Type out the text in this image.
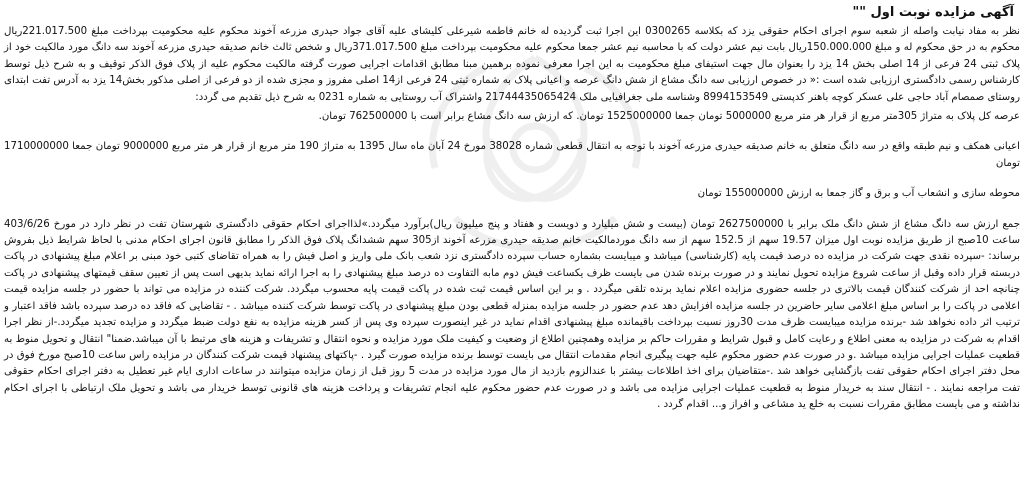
آگهی مزایده نوبت اول ""

نظر به مفاد نیابت واصله از شعبه سوم اجرای احکام حقوقی یزد که بکلاسه 0300265 این اجرا ثبت گردیده له خانم فاطمه شیرعلی کلیشای علیه آقای جواد حیدری مزرعه آخوند محکوم علیه محکومیت بپرداخت مبلغ 221.017.500ریال محکوم به در حق محکوم له و مبلغ 150.000.000ریال بابت نیم عشر دولت که با محاسبه نیم عشر جمعا محکوم علیه محکومیت بپرداخت مبلغ 371.017.500ریال و شخص ثالث خانم صدیقه حیدری مزرعه آخوند سه دانگ مورد مالکیت خود از پلاک ثبتی 24 فرعی از 14 اصلی بخش 14 یزد را بعنوان مال جهت استیفای مبلغ محکومیت به این اجرا معرفی نموده برهمین مبنا مطابق اقدامات اجرایی صورت گرفته مالکیت محکوم علیه از پلاک فوق الذکر توقیف و به شرح ذیل توسط کارشناس رسمی دادگستری ارزیابی شده است :« در خصوص ارزیابی سه دانگ مشاع از شش دانگ عرصه و اعیانی پلاک به شماره ثبتی 24 فرعی از14 اصلی مفروز و مجزی شده از دو فرعی از اصلی مذکور بخش14 یزد به آدرس تفت ابتدای روستای صمصام آباد حاجی علی عسکر کوچه باهنر کدپستی 8994153549 وشناسه ملی جغرافیایی ملک 21744435065424 واشتراک آب روستایی به شماره 0231 به شرح ذیل تقدیم می گردد:

عرصه کل پلاک به متراژ 305متر مربع از قرار هر متر مربع 5000000 تومان جمعا 1525000000 تومان. که ارزش سه دانگ مشاع برابر است با 762500000 تومان.

اعیانی همکف و نیم طبقه واقع در سه دانگ متعلق به خانم صدیقه حیدری مزرعه آخوند با توجه به انتقال قطعی شماره 38028 مورخ 24 آبان ماه سال 1395 به متراژ 190 متر مربع از قرار هر متر مربع 9000000 تومان جمعا 1710000000 تومان

محوطه سازی و انشعاب آب و برق و گاز جمعا به ارزش 155000000 تومان

جمع ارزش سه دانگ مشاع از شش دانگ ملک برابر با 2627500000 تومان (بیست و شش میلیارد و دویست و هفتاد و پنج میلیون ریال)برآورد میگردد.»لذااجرای احکام حقوقی دادگستری شهرستان تفت در نظر دارد در مورخ 403/6/26 ساعت 10صبح از طریق مزایده نوبت اول میزان 19.57 سهم از 152.5 سهم از سه دانگ موردمالکیت خانم صدیقه حیدری مزرعه آخوند از305 سهم ششدانگ پلاک فوق الذکر را مطابق قانون اجرای احکام مدنی با لحاظ شرایط ذیل بفروش برساند: -سپرده نقدی جهت شرکت در مزایده ده درصد قیمت پایه (کارشناسی) میباشد و میبایست بشماره حساب سپرده دادگستری نزد شعب بانک ملی واریز و اصل فیش را به همراه تقاضای کتبی خود مبنی بر اعلام مبلغ پیشنهادی در پاکت دربسته قرار داده وقبل از ساعت شروع مزایده تحویل نمایند و در صورت برنده شدن می بایست ظرف یکساعت فیش دوم مابه التفاوت ده درصد مبلغ پیشنهادی را به اجرا ارائه نماید بدیهی است پس از تعیین سقف قیمتهای پیشنهادی در پاکت چنانچه احد از شرکت کنندگان قیمت بالاتری در جلسه حضوری مزایده اعلام نماید برنده تلقی میگردد . و بر این اساس قیمت ثبت شده در پاکت قیمت پایه محسوب میگردد. شرکت کننده در مزایده می تواند با حضور در جلسه مزایده قیمت اعلامی در پاکت را بر اساس مبلغ اعلامی سایر حاضرین در جلسه مزایده افزایش دهد عدم حضور در جلسه مزایده بمنزله قطعی بودن مبلغ پیشنهادی در پاکت توسط شرکت کننده میباشد . - تقاضایی که فاقد ده درصد سپرده باشد فاقد اعتبار و ترتیب اثر داده نخواهد شد -برنده مزایده میبایست ظرف مدت 30روز نسبت بپرداخت باقیمانده مبلغ پیشنهادی اقدام نماید در غیر اینصورت سپرده وی پس از کسر هزینه مزایده به نفع دولت ضبط میگردد و مزایده تجدید میگردد.-از نظر اجرا اقدام به شرکت در مزایده به معنی اطلاع و رعایت کامل و قبول شرایط و مقررات حاکم بر مزایده وهمچنین اطلاع از وضعیت و کیفیت ملک مورد مزایده و نحوه انتقال و تشریفات و هزینه های مرتبط با آن میباشد.ضمنا" انتقال و تحویل منوط به قطعیت عملیات اجرایی مزایده میباشد .و در صورت عدم حضور محکوم علیه جهت پیگیری انجام مقدمات انتقال می بایست توسط برنده مزایده صورت گیرد . -پاکتهای پیشنهاد قیمت شرکت کنندگان در مزایده راس ساعت 10صبح مورخ فوق در محل دفتر اجرای احکام حقوقی تفت بازگشایی خواهد شد .-متقاضیان برای اخذ اطلاعات بیشتر با عندالزوم بازدید از مال مورد مزایده در مدت 5 روز قبل از زمان مزایده میتوانند در ساعات اداری ایام غیر تعطیل به دفتر اجرای احکام حقوقی تفت مراجعه نمایند . - انتقال سند به خریدار منوط به قطعیت عملیات اجرایی مزایده می باشد و در صورت عدم حضور محکوم علیه انجام تشریفات و پرداخت هزینه های قانونی توسط خریدار می باشد و تحویل ملک ارتباطی با اجرای احکام نداشته و می بایست مطابق مقررات نسبت به خلع ید مشاعی و افراز و... اقدام گردد .
